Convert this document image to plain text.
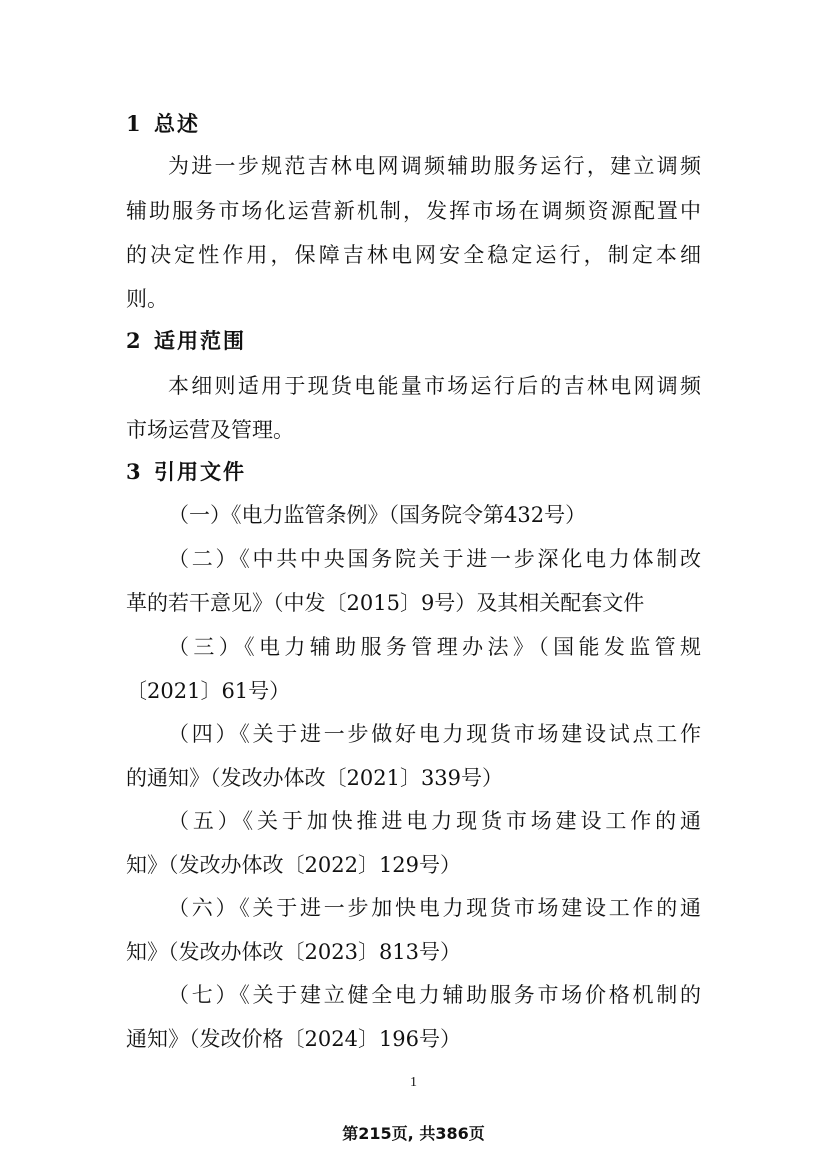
1 总述
为进一步规范吉林电网调频辅助服务运行，建立调频
辅助服务市场化运营新机制，发挥市场在调频资源配置中
的决定性作用，保障吉林电网安全稳定运行，制定本细
则。
2 适用范围
本细则适用于现货电能量市场运行后的吉林电网调频
市场运营及管理。
3 引用文件
（一）《电力监管条例》（国务院令第432号）
（二）《中共中央国务院关于进一步深化电力体制改
革的若干意见》（中发〔2015〕9号）及其相关配套文件
（三）《电力辅助服务管理办法》（国能发监管规
〔2021〕61号）
（四）《关于进一步做好电力现货市场建设试点工作
的通知》（发改办体改〔2021〕339号）
（五）《关于加快推进电力现货市场建设工作的通
知》（发改办体改〔2022〕129号）
（六）《关于进一步加快电力现货市场建设工作的通
知》（发改办体改〔2023〕813号）
（七）《关于建立健全电力辅助服务市场价格机制的
通知》（发改价格〔2024〕196号）
1
第215页, 共386页
